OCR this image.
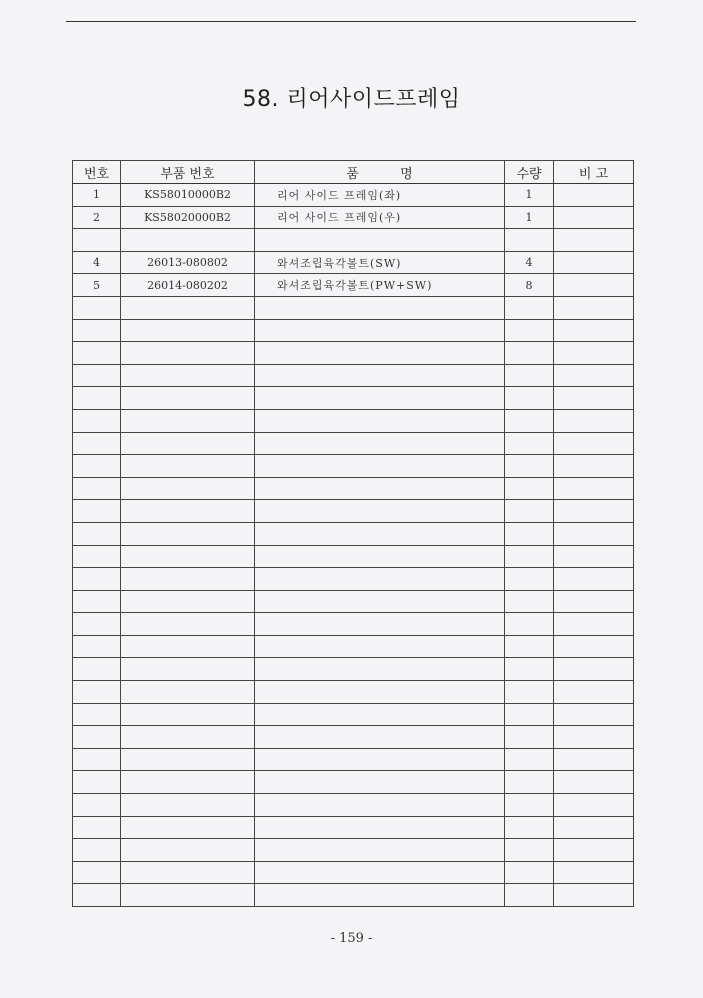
58. 리어사이드프레임
번호	부품 번호	품          명	수량	비 고
1	KS58010000B2	리어 사이드 프레임(좌)	1	
2	KS58020000B2	리어 사이드 프레임(우)	1	

4	26013-080802	와셔조립육각볼트(SW)	4	
5	26014-080202	와셔조립육각볼트(PW+SW)	8	

- 159 -
